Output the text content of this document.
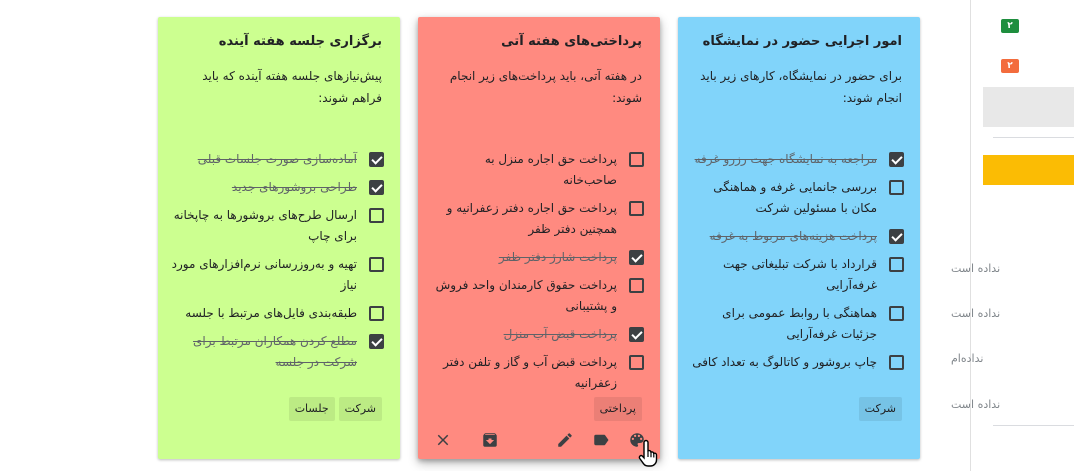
امور اجرایی حضور در نمایشگاه
برای حضور در نمایشگاه، کارهای زیر باید انجام شوند:
مراجعه به نمایشگاه جهت رزرو غرفه
بررسی جانمایی غرفه و هماهنگی مکان با مسئولین شرکت
پرداخت هزینه‌های مربوط به غرفه
قرارداد با شرکت تبلیغاتی جهت غرفه‌آرایی
هماهنگی با روابط عمومی برای جزئیات غرفه‌آرایی
چاپ بروشور و کاتالوگ به تعداد کافی
شرکت
پرداختی‌های هفته آتی
در هفته آتی، باید پرداخت‌های زیر انجام شوند:
پرداخت حق اجاره منزل به صاحب‌خانه
پرداخت حق اجاره دفتر زعفرانیه و همچنین دفتر ظفر
پرداخت شارژ دفتر ظفر
پرداخت حقوق کارمندان واحد فروش و پشتیبانی
پرداخت قبض آب منزل
پرداخت قبض آب و گاز و تلفن دفتر زعفرانیه
پرداختی
برگزاری جلسه هفته آینده
پیش‌نیازهای جلسه هفته آینده که باید فراهم شوند:
آماده‌سازی صورت جلسات قبلی
طراحی بروشورهای جدید
ارسال طرح‌های بروشورها به چاپخانه برای چاپ
تهیه و به‌روزرسانی نرم‌افزارهای مورد نیاز
طبقه‌بندی فایل‌های مرتبط با جلسه
مطلع کردن همکاران مرتبط برای شرکت در جلسه
شرکت
جلسات
۲
۲
نداده است
نداده است
نداده‌ام
نداده است
